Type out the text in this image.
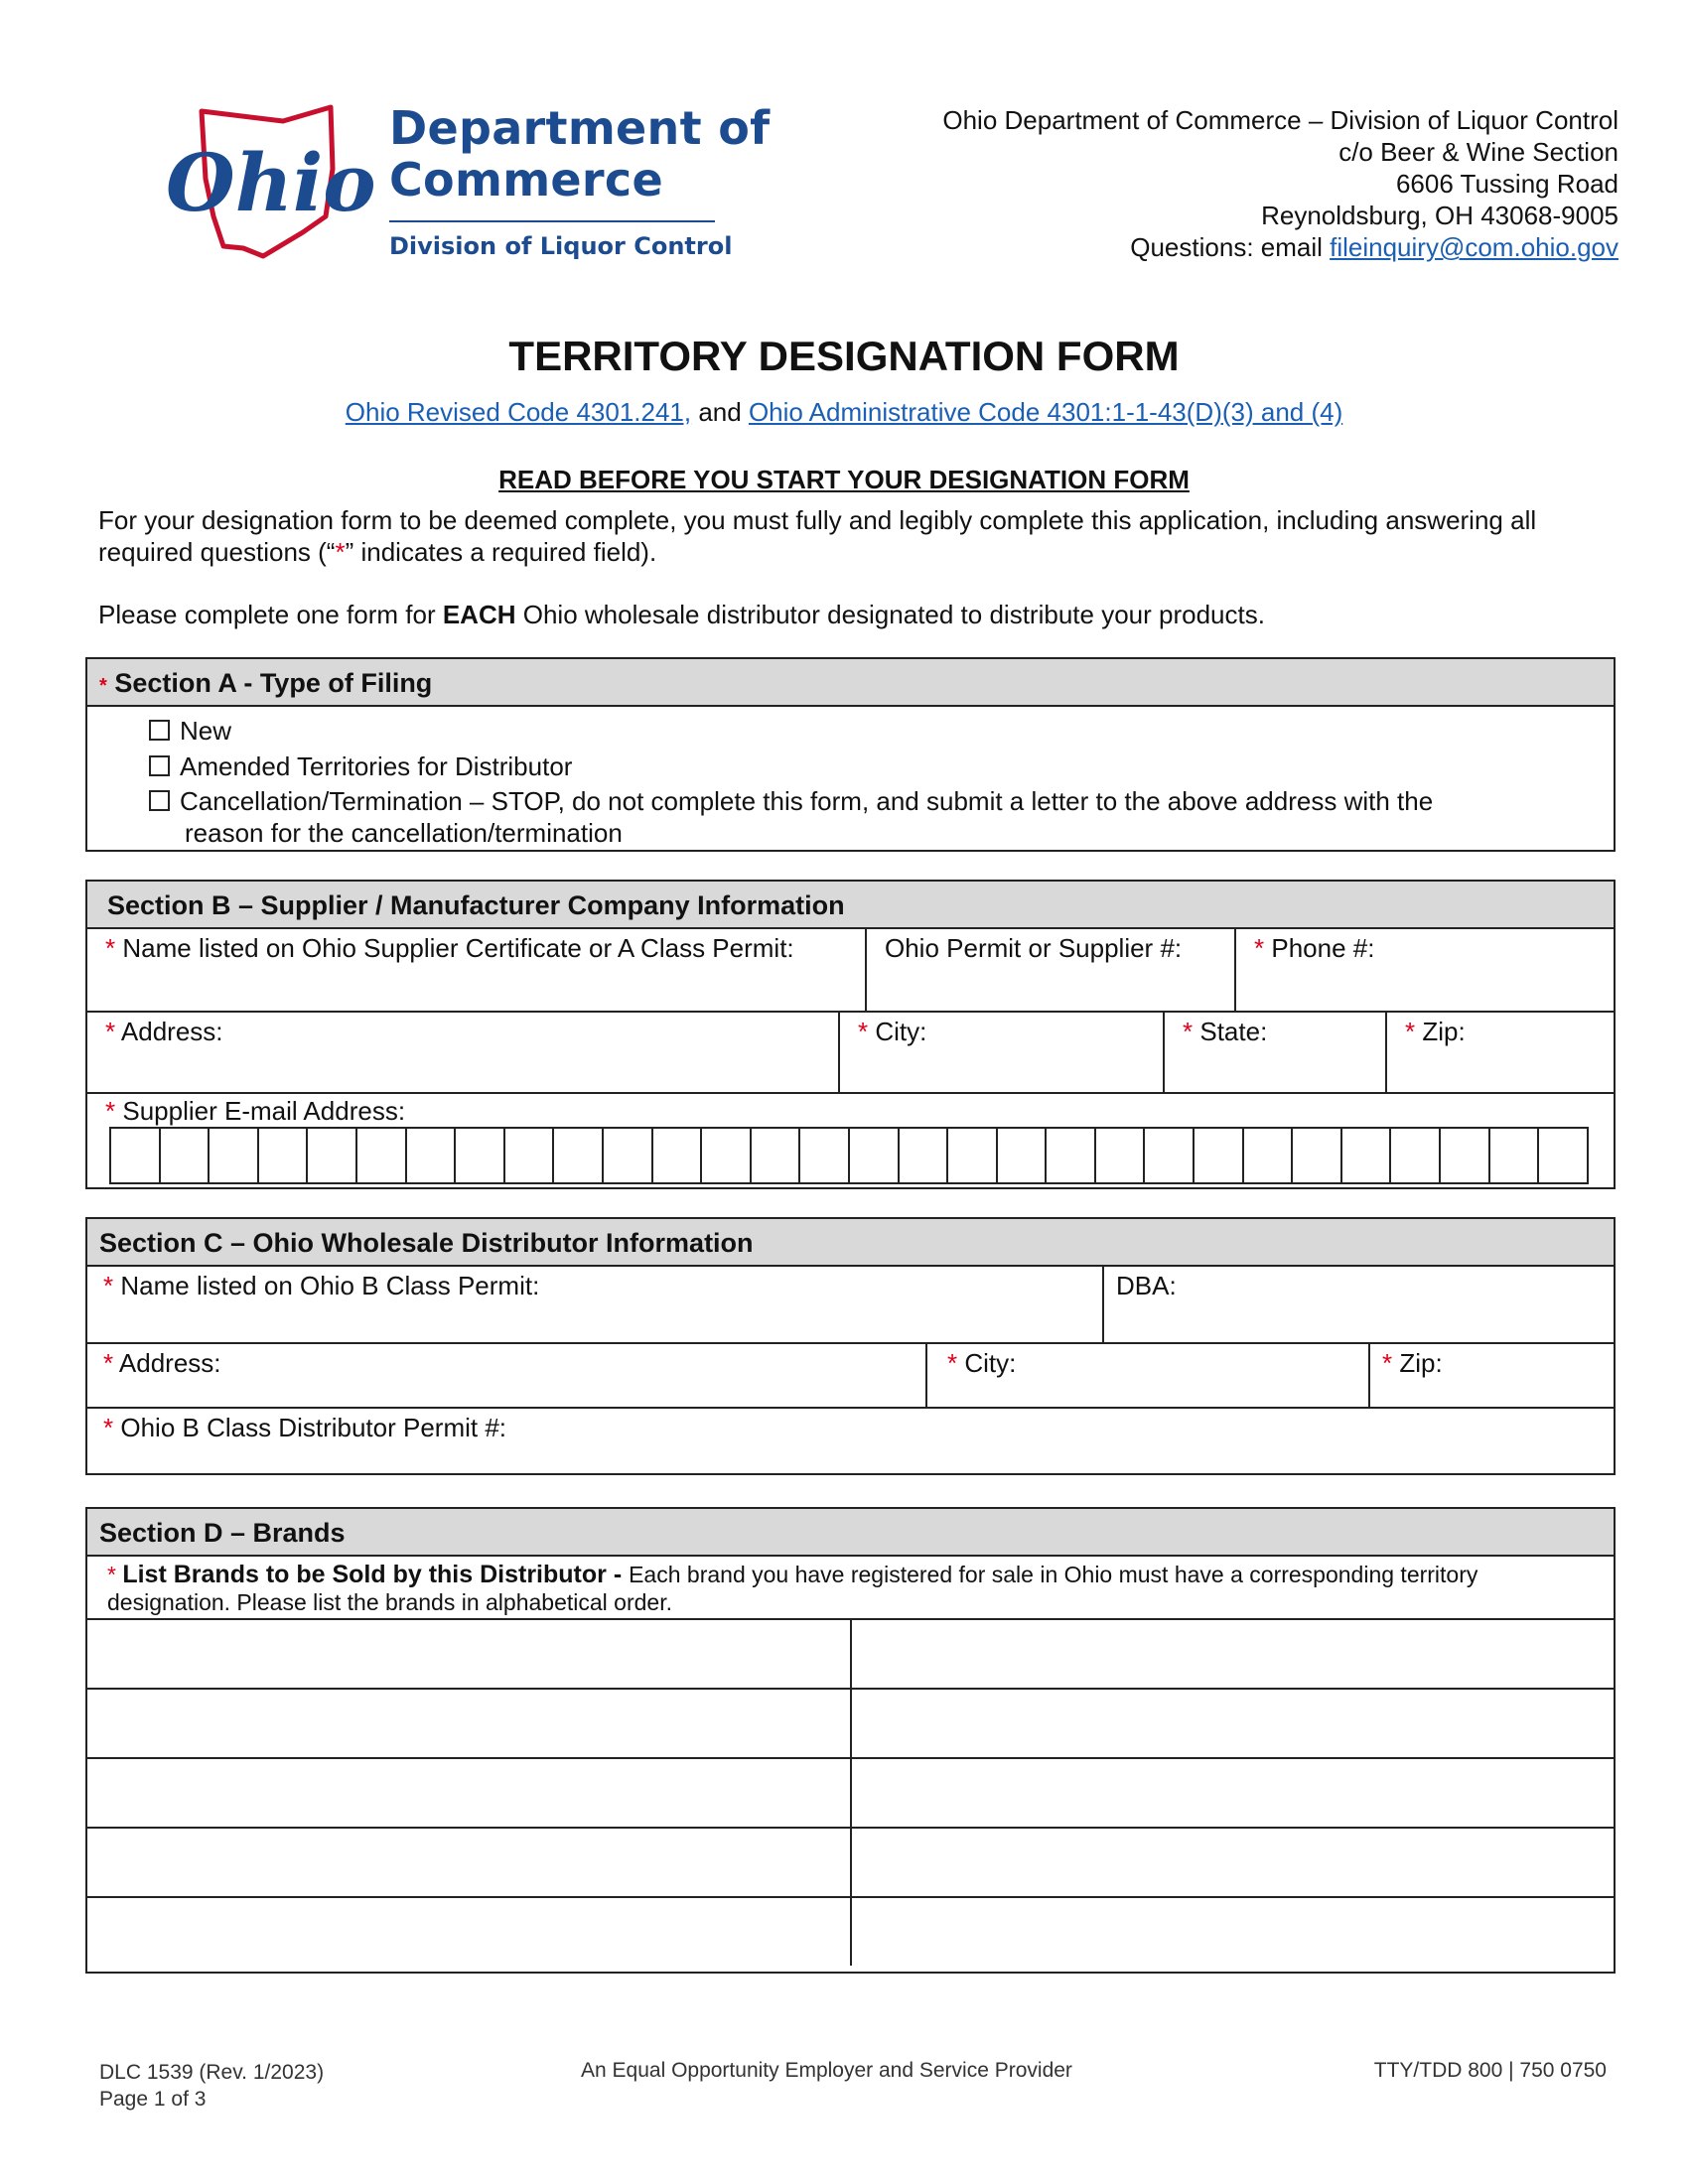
Ohio
Department of
Commerce
Division of Liquor Control
Ohio Department of Commerce – Division of Liquor Control
c/o Beer & Wine Section
6606 Tussing Road
Reynoldsburg, OH 43068-9005
Questions: email fileinquiry@com.ohio.gov
TERRITORY DESIGNATION FORM
Ohio Revised Code 4301.241, and Ohio Administrative Code 4301:1-1-43(D)(3) and (4)
READ BEFORE YOU START YOUR DESIGNATION FORM
For your designation form to be deemed complete, you must fully and legibly complete this application, including answering all required questions (“*” indicates a required field).
Please complete one form for EACH Ohio wholesale distributor designated to distribute your products.
* Section A - Type of Filing
New
Amended Territories for Distributor
Cancellation/Termination – STOP, do not complete this form, and submit a letter to the above address with the
reason for the cancellation/termination
Section B – Supplier / Manufacturer Company Information
* Name listed on Ohio Supplier Certificate or A Class Permit:	Ohio Permit or Supplier #:	* Phone #:
* Address:	* City:	* State:	* Zip:
* Supplier E-mail Address:
Section C – Ohio Wholesale Distributor Information
* Name listed on Ohio B Class Permit:	DBA:
* Address:	* City:	* Zip:
* Ohio B Class Distributor Permit #:
Section D – Brands
* List Brands to be Sold by this Distributor - Each brand you have registered for sale in Ohio must have a corresponding territory designation. Please list the brands in alphabetical order.
DLC 1539 (Rev. 1/2023)
Page 1 of 3
An Equal Opportunity Employer and Service Provider	TTY/TDD 800 | 750 0750
